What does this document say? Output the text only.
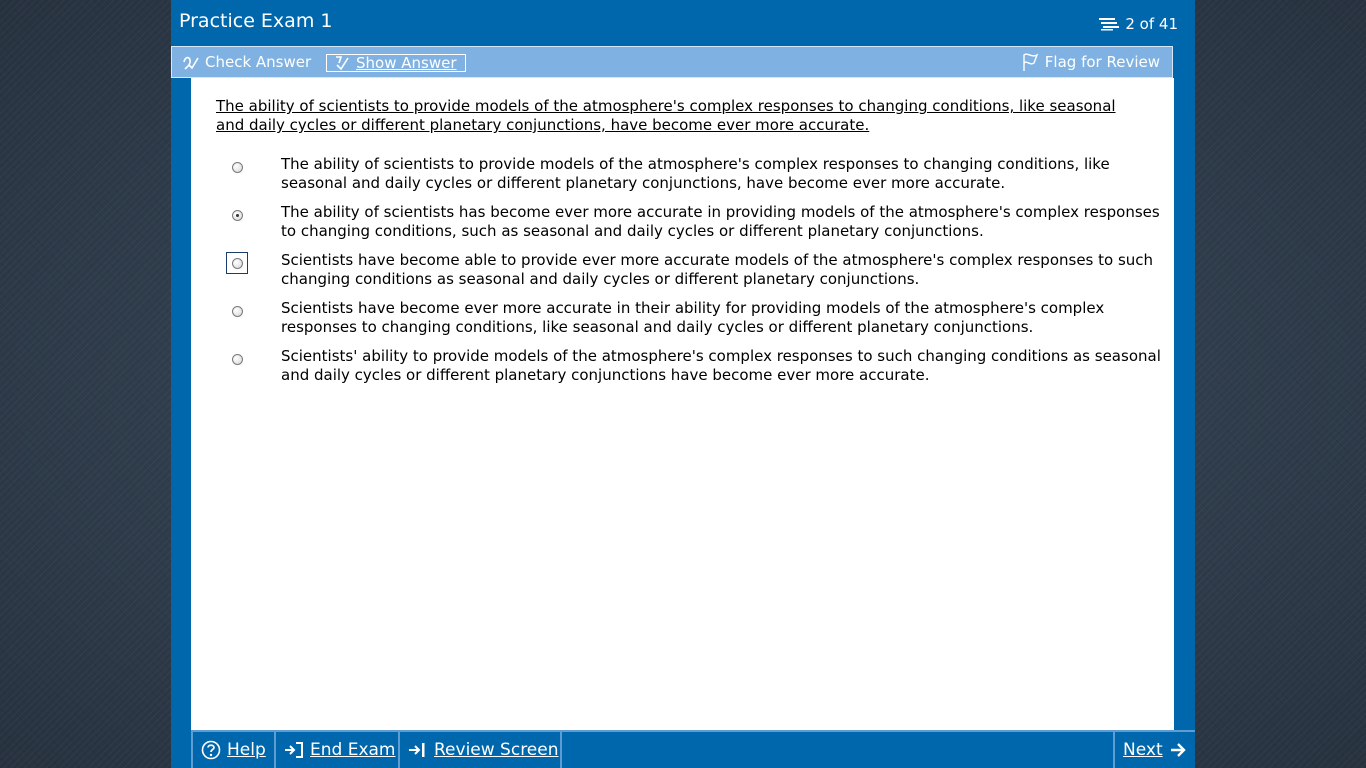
Practice Exam 1	2 of 41
Check Answer	Show Answer	Flag for Review
The ability of scientists to provide models of the atmosphere's complex responses to changing conditions, like seasonal and daily cycles or different planetary conjunctions, have become ever more accurate.
The ability of scientists to provide models of the atmosphere's complex responses to changing conditions, like seasonal and daily cycles or different planetary conjunctions, have become ever more accurate.
The ability of scientists has become ever more accurate in providing models of the atmosphere's complex responses to changing conditions, such as seasonal and daily cycles or different planetary conjunctions.
Scientists have become able to provide ever more accurate models of the atmosphere's complex responses to such changing conditions as seasonal and daily cycles or different planetary conjunctions.
Scientists have become ever more accurate in their ability for providing models of the atmosphere's complex responses to changing conditions, like seasonal and daily cycles or different planetary conjunctions.
Scientists' ability to provide models of the atmosphere's complex responses to such changing conditions as seasonal and daily cycles or different planetary conjunctions have become ever more accurate.
Help	End Exam Review Screen	Next
